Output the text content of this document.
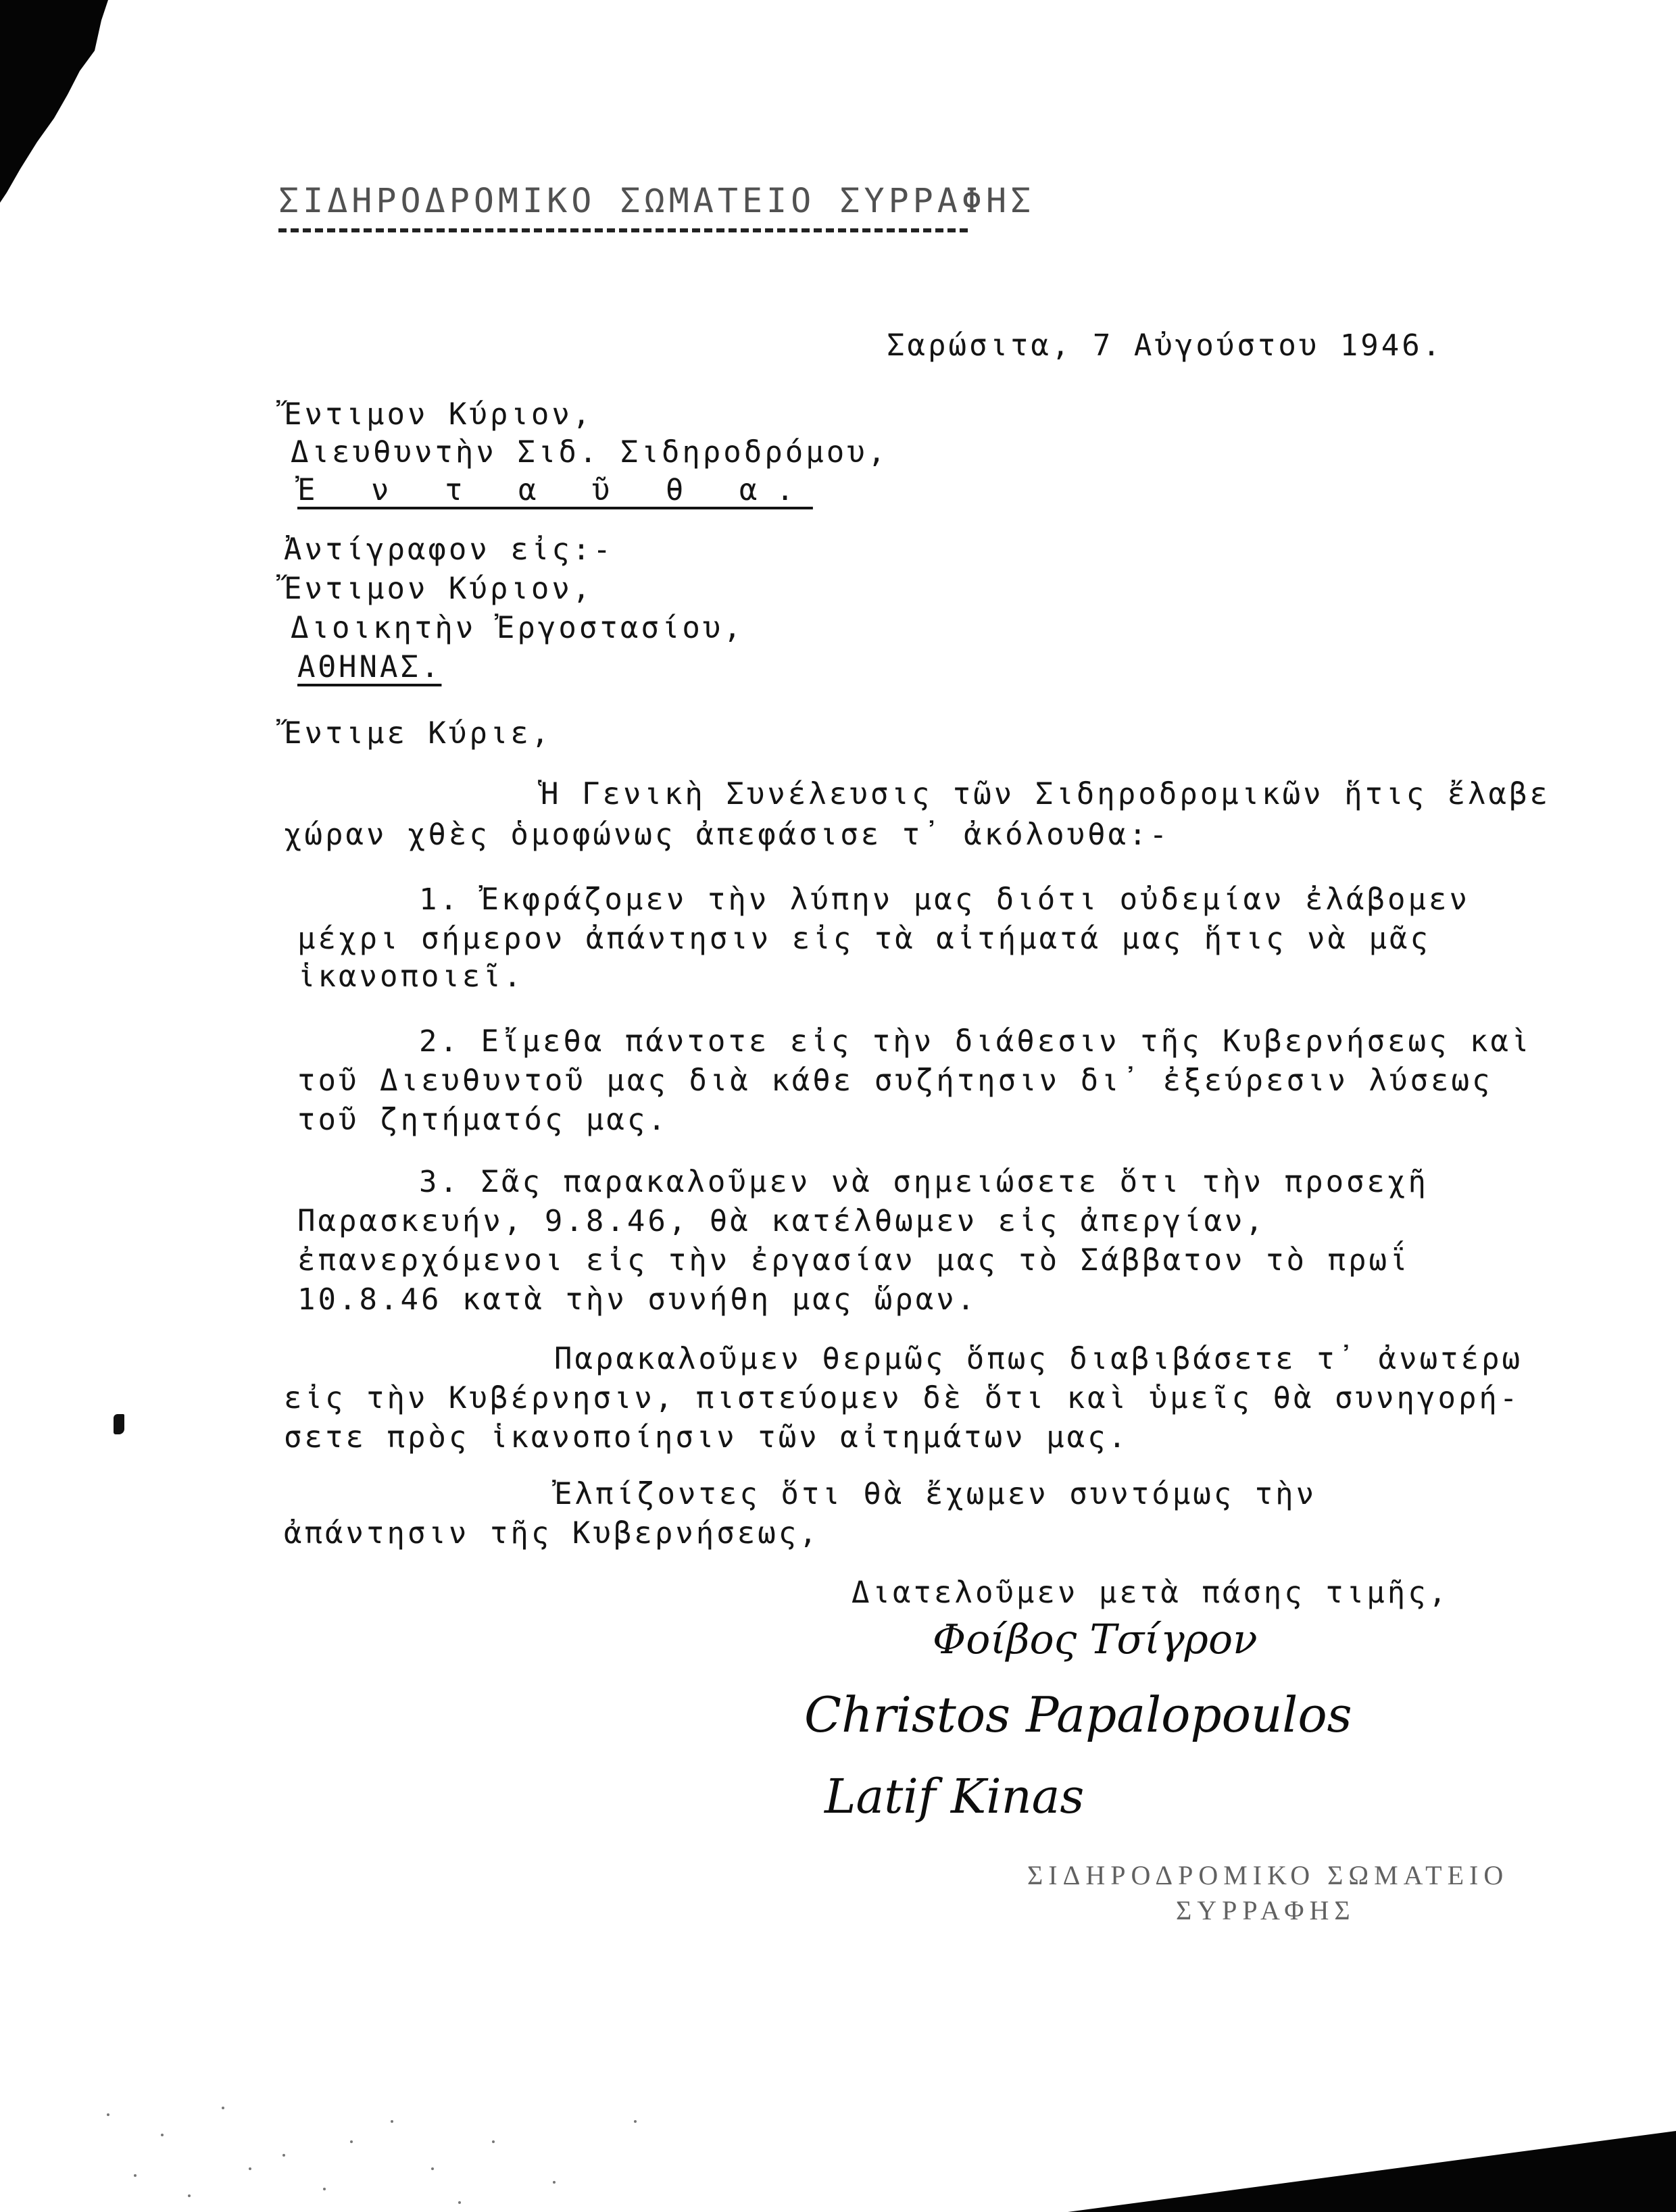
ΣΙΔΗΡΟΔΡΟΜΙΚΟ ΣΩΜΑΤΕΙΟ ΣΥΡΡΑΦΗΣ
Σαρώσιτα, 7 Αὐγούστου 1946.
Ἔντιμον Κύριον,
Διευθυντὴν Σιδ. Σιδηροδρόμου,
Ἐ ν τ α ῦ θ α.
Ἀντίγραφον εἰς:-
Ἔντιμον Κύριον,
Διοικητὴν Ἐργοστασίου,
ΑΘΗΝΑΣ.
Ἔντιμε Κύριε,
Ἡ Γενικὴ Συνέλευσις τῶν Σιδηροδρομικῶν ἥτις ἔλαβε
χώραν χθὲς ὁμοφώνως ἀπεφάσισε τ᾽ ἀκόλουθα:-
1. Ἐκφράζομεν τὴν λύπην μας διότι οὐδεμίαν ἐλάβομεν
μέχρι σήμερον ἀπάντησιν εἰς τὰ αἰτήματά μας ἥτις νὰ μᾶς
ἱκανοποιεῖ.
2. Εἴμεθα πάντοτε εἰς τὴν διάθεσιν τῆς Κυβερνήσεως καὶ
τοῦ Διευθυντοῦ μας διὰ κάθε συζήτησιν δι᾽ ἐξεύρεσιν λύσεως
τοῦ ζητήματός μας.
3. Σᾶς παρακαλοῦμεν νὰ σημειώσετε ὅτι τὴν προσεχῆ
Παρασκευήν, 9.8.46, θὰ κατέλθωμεν εἰς ἀπεργίαν,
ἐπανερχόμενοι εἰς τὴν ἐργασίαν μας τὸ Σάββατον τὸ πρωΐ
10.8.46 κατὰ τὴν συνήθη μας ὥραν.
Παρακαλοῦμεν θερμῶς ὅπως διαβιβάσετε τ᾽ ἀνωτέρω
εἰς τὴν Κυβέρνησιν, πιστεύομεν δὲ ὅτι καὶ ὑμεῖς θὰ συνηγορή-
σετε πρὸς ἱκανοποίησιν τῶν αἰτημάτων μας.
Ἐλπίζοντες ὅτι θὰ ἔχωμεν συντόμως τὴν
ἀπάντησιν τῆς Κυβερνήσεως,
Διατελοῦμεν μετὰ πάσης τιμῆς,
Φοίβος Τσίγρον
Christos Papalopoulos
Latif Kinas
ΣΙΔΗΡΟΔΡΟΜΙΚΟ ΣΩΜΑΤΕΙΟ
ΣΥΡΡΑΦΗΣ
